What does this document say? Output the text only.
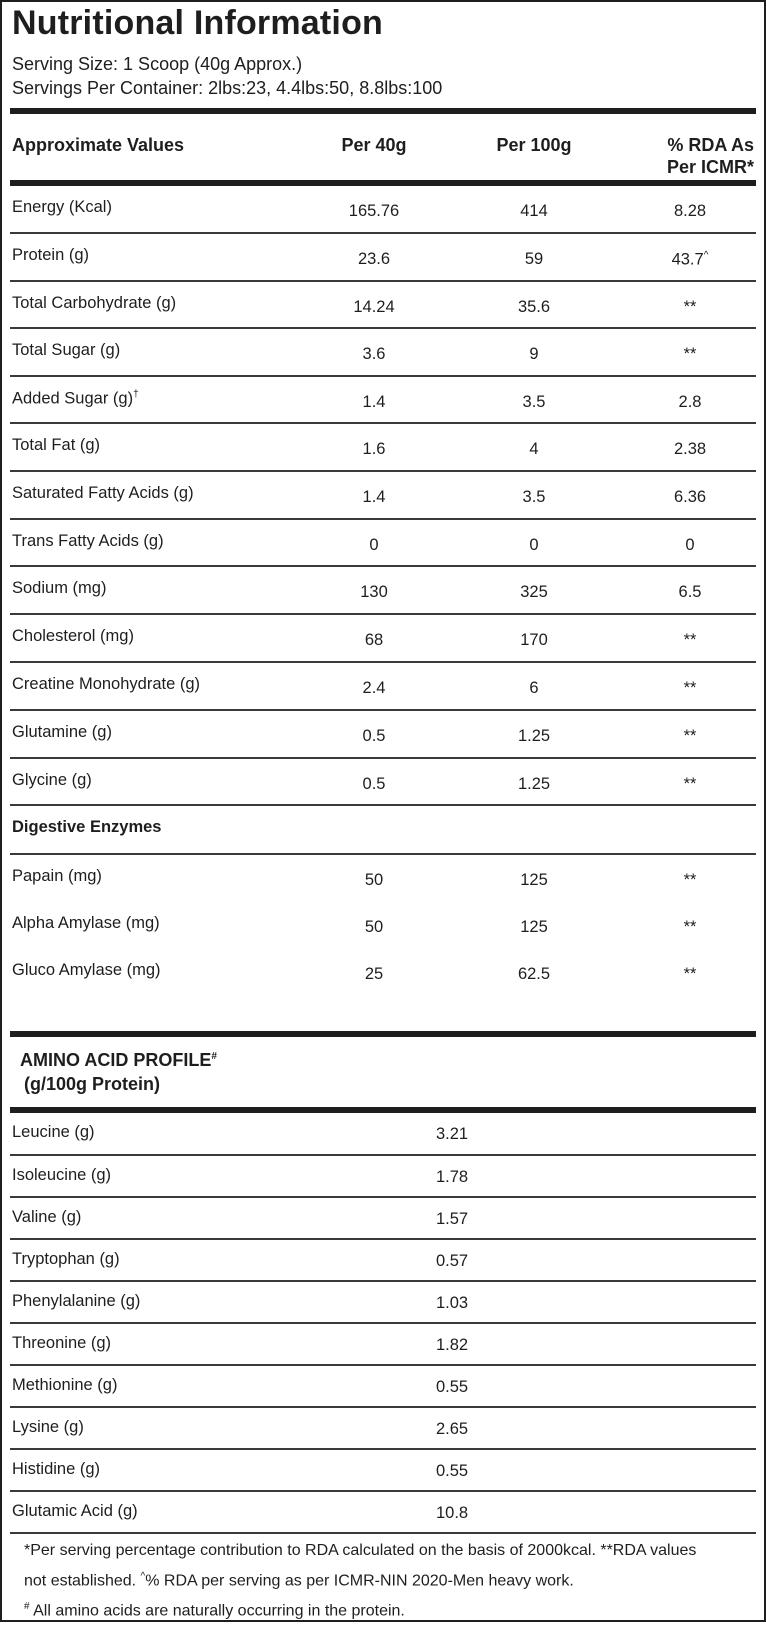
Nutritional Information
Serving Size: 1 Scoop (40g Approx.)
Servings Per Container: 2lbs:23, 4.4lbs:50, 8.8lbs:100
Approximate Values	Per 40g	Per 100g	% RDA As
Per ICMR*
Energy (Kcal)	165.76	414	8.28
Protein (g)	23.6	59	43.7^
Total Carbohydrate (g)	14.24	35.6	**
Total Sugar (g)	3.6	9	**
Added Sugar (g)†	1.4	3.5	2.8
Total Fat (g)	1.6	4	2.38
Saturated Fatty Acids (g)	1.4	3.5	6.36
Trans Fatty Acids (g)	0	0	0
Sodium (mg)	130	325	6.5
Cholesterol (mg)	68	170	**
Creatine Monohydrate (g)	2.4	6	**
Glutamine (g)	0.5	1.25	**
Glycine (g)	0.5	1.25	**
Digestive Enzymes
Papain (mg)	50	125	**
Alpha Amylase (mg)	50	125	**
Gluco Amylase (mg)	25	62.5	**
AMINO ACID PROFILE#
(g/100g Protein)
Leucine (g)	3.21
Isoleucine (g)	1.78
Valine (g)	1.57
Tryptophan (g)	0.57
Phenylalanine (g)	1.03
Threonine (g)	1.82
Methionine (g)	0.55
Lysine (g)	2.65
Histidine (g)	0.55
Glutamic Acid (g)	10.8
*Per serving percentage contribution to RDA calculated on the basis of 2000kcal. **RDA values
not established. ^% RDA per serving as per ICMR-NIN 2020-Men heavy work.
# All amino acids are naturally occurring in the protein.
